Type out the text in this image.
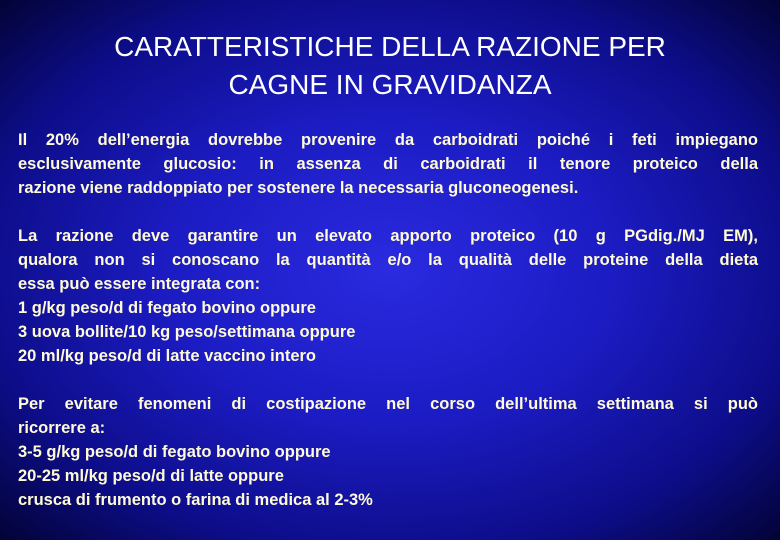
CARATTERISTICHE DELLA RAZIONE PER
CAGNE IN GRAVIDANZA
Il 20% dell’energia dovrebbe provenire da carboidrati poiché i feti impiegano
esclusivamente glucosio: in assenza di carboidrati il tenore proteico della
razione viene raddoppiato per sostenere la necessaria gluconeogenesi.
La razione deve garantire un elevato apporto proteico (10 g PGdig./MJ EM),
qualora non si conoscano la quantità e/o la qualità delle proteine della dieta
essa può essere integrata con:
1 g/kg peso/d di fegato bovino oppure
3 uova bollite/10 kg peso/settimana oppure
20 ml/kg peso/d di latte vaccino intero
Per evitare fenomeni di costipazione nel corso dell’ultima settimana si può
ricorrere a:
3-5 g/kg peso/d di fegato bovino oppure
20-25 ml/kg peso/d di latte oppure
crusca di frumento o farina di medica al 2-3%
